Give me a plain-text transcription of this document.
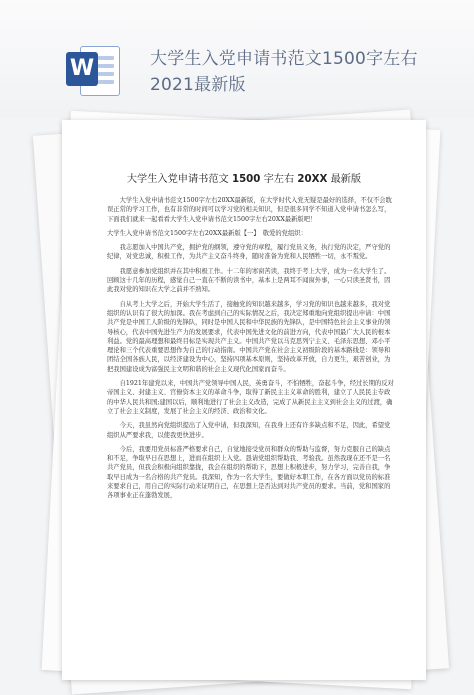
W	大学生入党申请书范文1500字左右2021最新版
大学生入党申请书范文 1500 字左右 20XX 最新版

大学生入党申请书范文1500字左右20XX最新版，在大学时代入党无疑是最好的选择，不仅不会耽误正常的学习工作，也有非常的时间可以学习党的相关知识，但是很多同学不知道入党申请书怎么写，下面我们就来一起看看大学生入党申请书范文1500字左右20XX最新版吧！

大学生入党申请书范文1500字左右20XX最新版【一】　敬爱的党组织：

我志愿加入中国共产党，拥护党的纲领，遵守党的章程，履行党员义务，执行党的决定，严守党的纪律，对党忠诚，积极工作，为共产主义奋斗终身，随时准备为党和人民牺牲一切，永不叛党。

我愿意参加党组织并在其中积极工作。十二年的寒窗苦读，我终于考上大学，成为一名大学生了。回顾这十几年的历程，感觉自己一直在不断的读书中，基本上是两耳不闻窗外事，一心只读圣贤书，因此我对党的知识在大学之前并不熟知。

自从考上大学之后，开始大学生活了，接触党的知识越来越多，学习党的知识也越来越多，我对党组织的认识有了很大的加深。我在考虑到自己的实际情况之后，我决定郑重地向党组织提出申请：中国共产党是中国工人阶级的先锋队，同时是中国人民和中华民族的先锋队，是中国特色社会主义事业的领导核心，代表中国先进生产力的发展要求，代表中国先进文化的前进方向，代表中国最广大人民的根本利益。党的最高理想和最终目标是实现共产主义。中国共产党以马克思列宁主义、毛泽东思想、邓小平理论和三个代表重要思想作为自己的行动指南。中国共产党在社会主义初级阶段的基本路线是：领导和团结全国各族人民，以经济建设为中心，坚持四项基本原则，坚持改革开放，自力更生，艰苦创业，为把我国建设成为富强民主文明和谐的社会主义现代化国家而奋斗。

自1921年建党以来，中国共产党领导中国人民，英勇奋斗，不怕牺牲，奋起斗争，经过长期的反对帝国主义、封建主义、官僚资本主义的革命斗争，取得了新民主主义革命的胜利，建立了人民民主专政的中华人民共和国;建国以后，顺利地进行了社会主义改造，完成了从新民主主义到社会主义的过渡，确立了社会主义制度，发展了社会主义的经济、政治和文化。

今天，我虽然向党组织提出了入党申请，但我深知，在我身上还有许多缺点和不足，因此，希望党组织从严要求我，以使我更快进步。

今后，我要用党员标准严格要求自己，自觉地接受党员和群众的帮助与监督，努力克服自己的缺点和不足，争取早日在思想上，进而在组织上入党。恳请党组织帮助我、考验我。虽然我现在还不是一名共产党员，但我会积极向组织靠拢，我会在组织的帮助下，思想上积极进步，努力学习，完善自我，争取早日成为一名合格的共产党员。我深知，作为一名大学生，要做好本职工作，在各方面以党员的标准来要求自己，用自己的实际行动来证明自己，在思想上是否达到对共产党员的要求。当前，党和国家的各项事业正在蓬勃发展，
